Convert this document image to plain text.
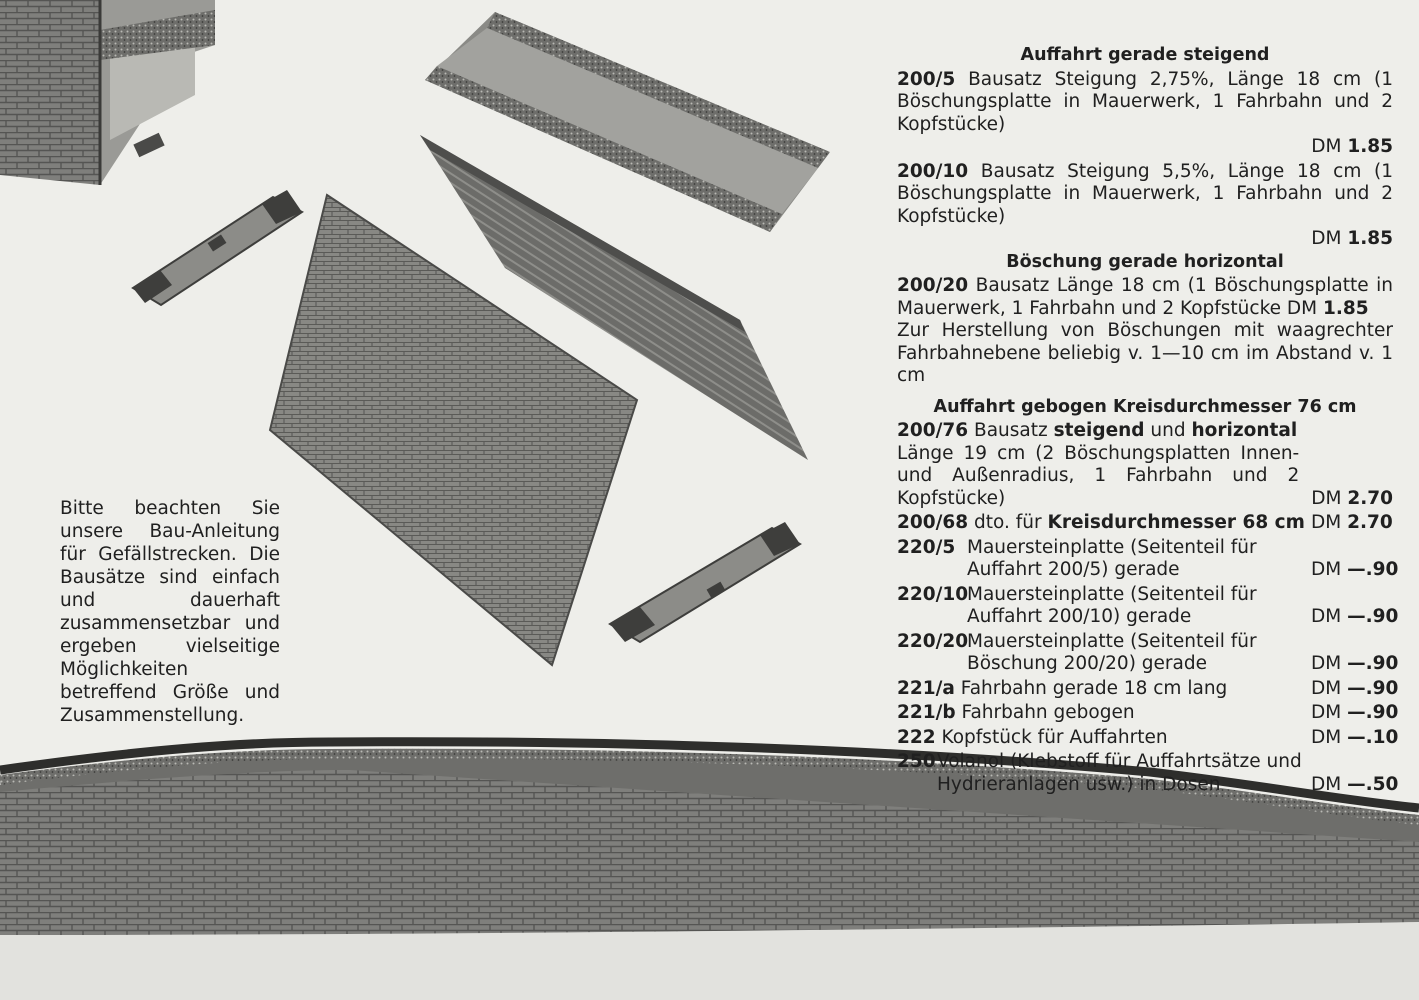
Auffahrt gerade steigend

200/5 Bausatz Steigung 2,75%, Länge 18 cm (1 Böschungsplatte in Mauerwerk, 1 Fahrbahn und 2 Kopfstücke)
DM 1.85
200/10 Bausatz Steigung 5,5%, Länge 18 cm (1 Böschungsplatte in Mauerwerk, 1 Fahrbahn und 2 Kopfstücke)
DM 1.85

Böschung gerade horizontal

200/20 Bausatz Länge 18 cm (1 Böschungsplatte in Mauerwerk, 1 Fahrbahn und 2 Kopfstücke DM 1.85
Zur Herstellung von Böschungen mit waagrechter Fahrbahnebene beliebig v. 1—10 cm im Abstand v. 1 cm

Auffahrt gebogen Kreisdurchmesser 76 cm

200/76 Bausatz steigend und horizontal
Länge 19 cm (2 Böschungsplatten Innen- und Außenradius, 1 Fahrbahn und 2 Kopfstücke)	DM 2.70
200/68 dto. für Kreisdurchmesser 68 cm DM 2.70
220/5 Mauersteinplatte (Seitenteil für Auffahrt 200/5) gerade	DM —.90
220/10
Mauersteinplatte (Seitenteil für Auffahrt 200/10) gerade	DM —.90
220/20
Mauersteinplatte (Seitenteil für Böschung 200/20) gerade	DM —.90
221/a Fahrbahn gerade 18 cm lang	DM —.90
221/b Fahrbahn gebogen	DM —.90
222 Kopfstück für Auffahrten	DM —.10
250 Volanol (Klebstoff für Auffahrtsätze und Hydrieranlagen usw.) in Dosen	DM —.50
Bitte beachten Sie unsere Bau-Anleitung für Gefällstrecken. Die Bausätze sind einfach und dauerhaft zusammensetzbar und ergeben vielseitige Möglichkeiten betreffend Größe und Zusammenstellung.
